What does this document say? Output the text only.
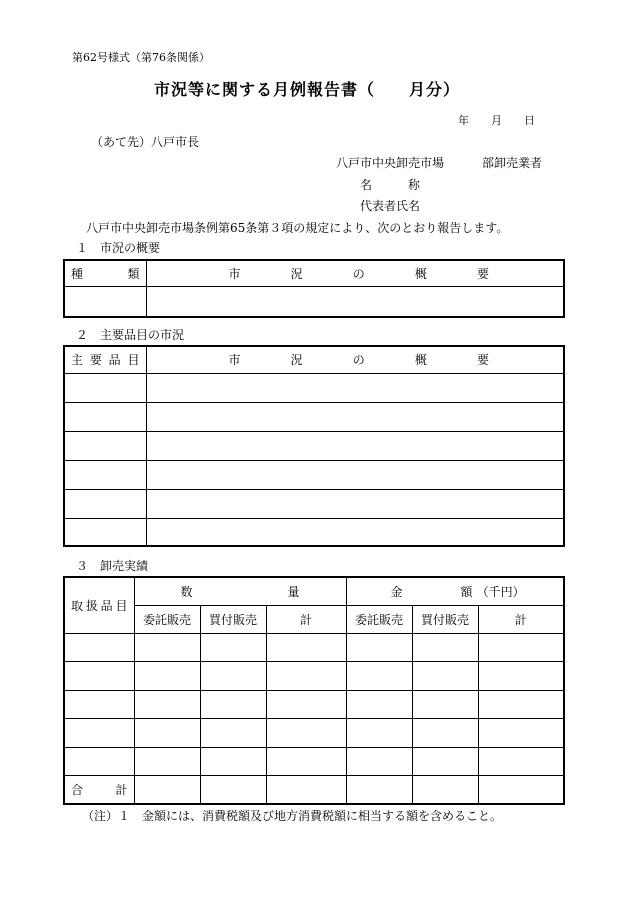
第62号様式（第76条関係）
市況等に関する月例報告書（　　月分）
年　　月　　日
（あて先）八戸市長
八戸市中央卸売市場	部卸売業者
名　　　称
代表者氏名
八戸市中央卸売市場条例第65条第３項の規定により、次のとおり報告します。
１　市況の概要
種 類	市 況 の 概 要

２　主要品目の市況
主 要 品 目	市 況 の 概 要

３　卸売実績
取 扱 品 目	数 量			金 額 （千円）		

	委託販売	買付販売	計	委託販売	買付販売	計

合 計						

（注）１　金額には、消費税額及び地方消費税額に相当する額を含めること。
